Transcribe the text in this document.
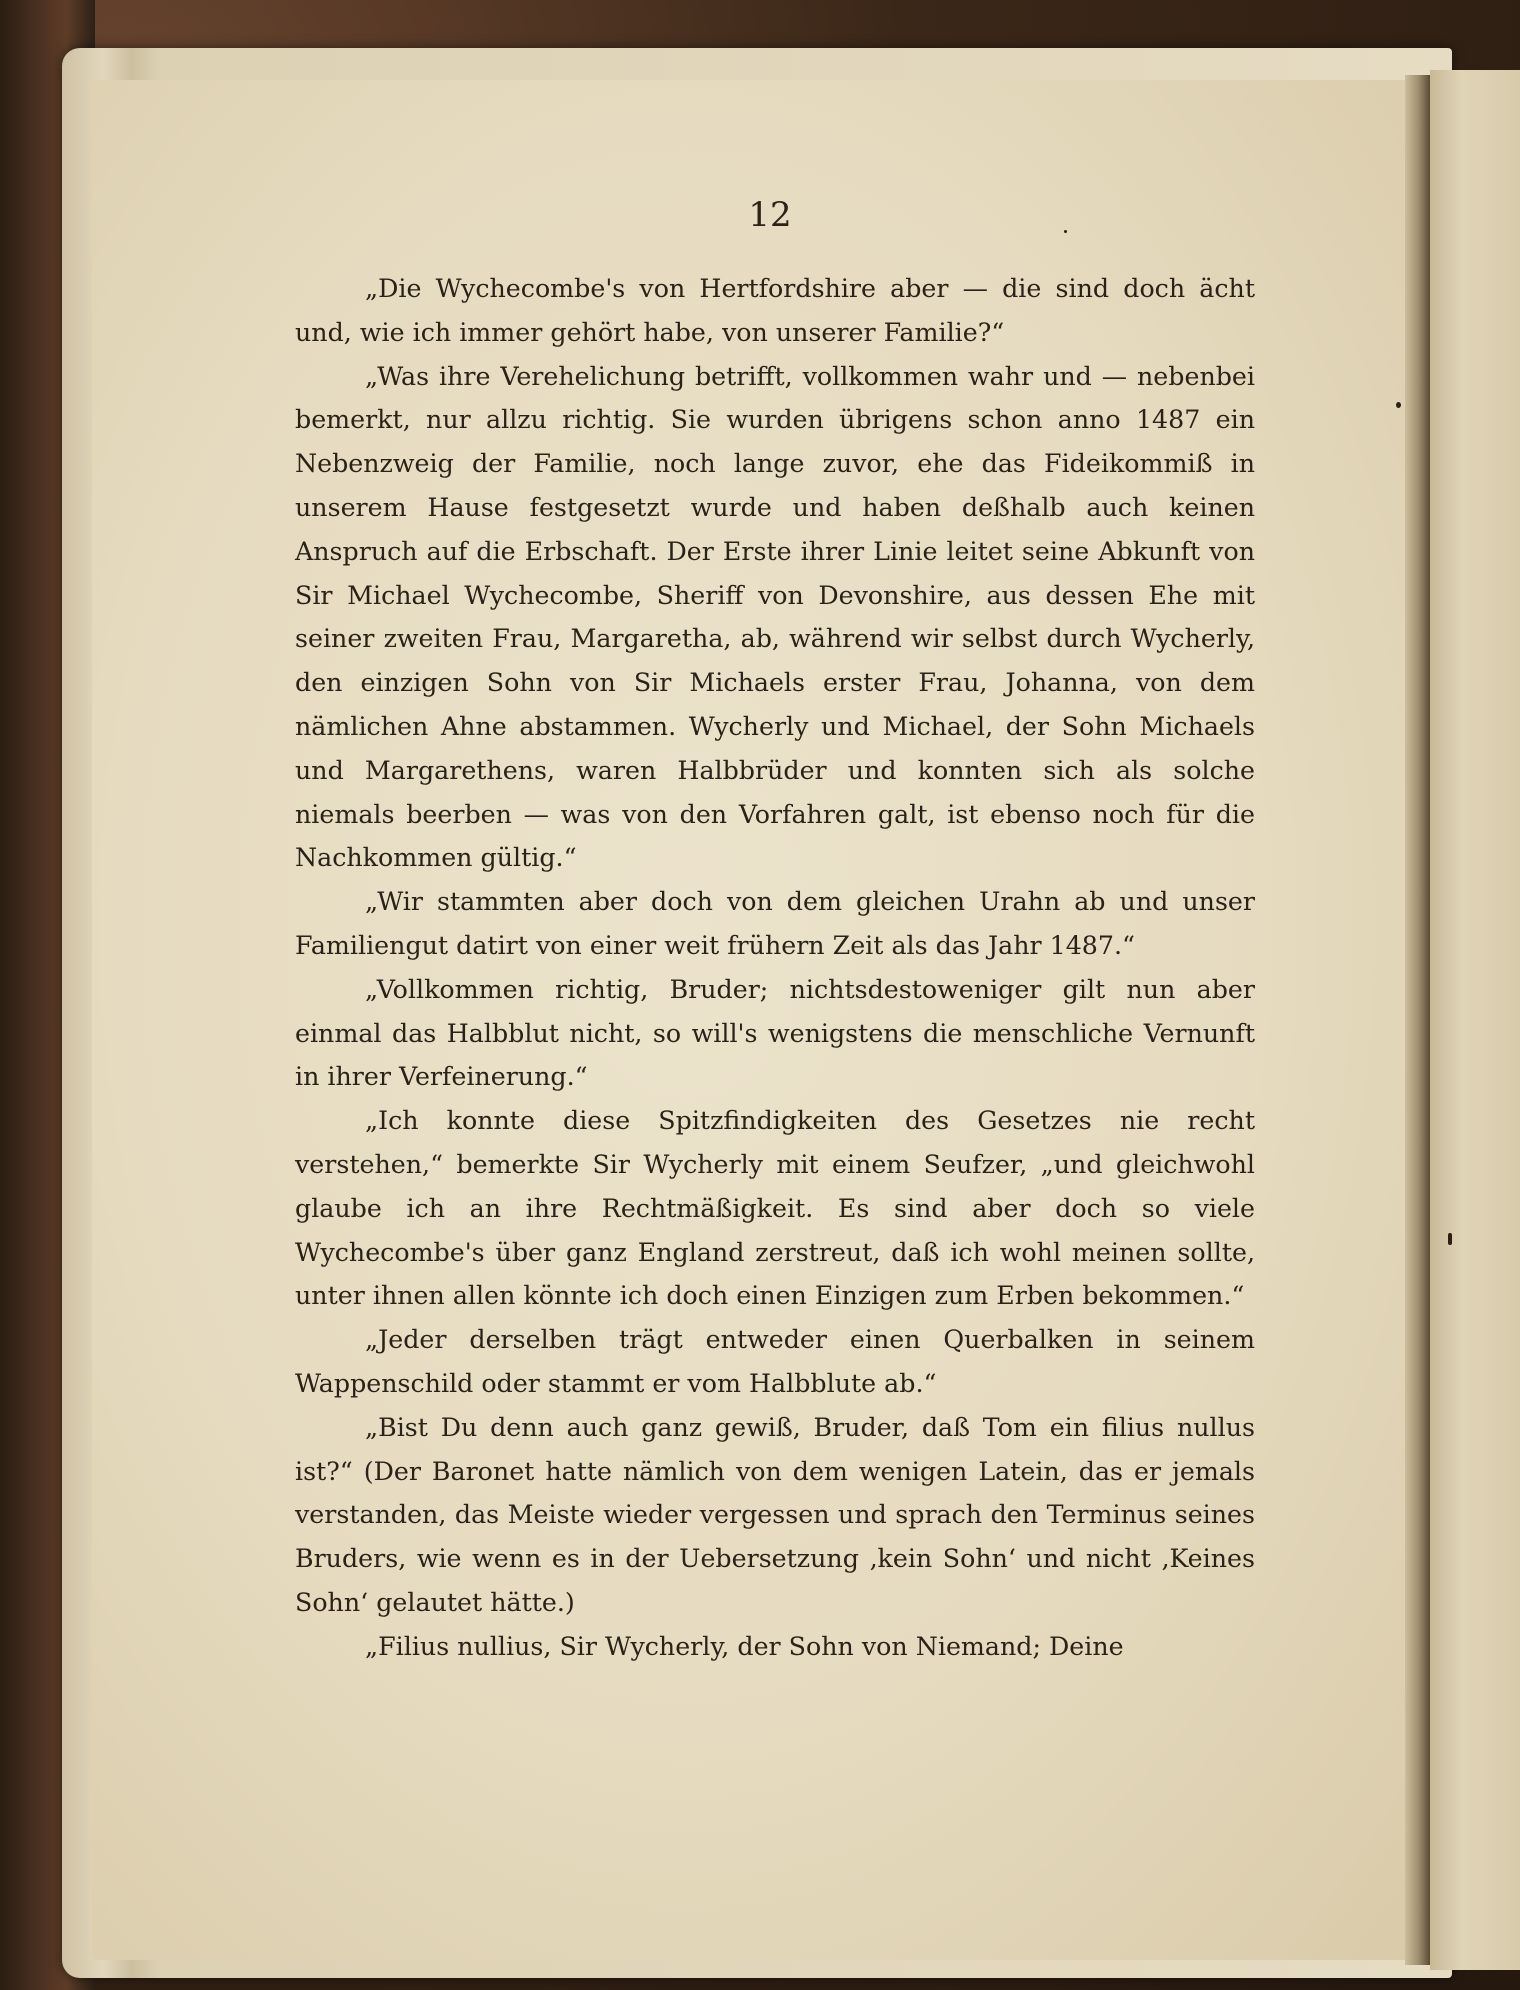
12

„Die Wychecombe's von Hertfordshire aber — die sind doch ächt und, wie ich immer gehört habe, von unserer Familie?“

„Was ihre Verehelichung betrifft, vollkommen wahr und — nebenbei bemerkt, nur allzu richtig. Sie wurden übrigens schon anno 1487 ein Nebenzweig der Familie, noch lange zuvor, ehe das Fideikommiß in unserem Hause festgesetzt wurde und haben deßhalb auch keinen Anspruch auf die Erbschaft. Der Erste ihrer Linie leitet seine Abkunft von Sir Michael Wychecombe, Sheriff von Devonshire, aus dessen Ehe mit seiner zweiten Frau, Margaretha, ab, während wir selbst durch Wycherly, den einzigen Sohn von Sir Michaels erster Frau, Johanna, von dem nämlichen Ahne abstammen. Wycherly und Michael, der Sohn Michaels und Margarethens, waren Halbbrüder und konnten sich als solche niemals beerben — was von den Vorfahren galt, ist ebenso noch für die Nachkommen gültig.“

„Wir stammten aber doch von dem gleichen Urahn ab und unser Familiengut datirt von einer weit frühern Zeit als das Jahr 1487.“

„Vollkommen richtig, Bruder; nichtsdestoweniger gilt nun aber einmal das Halbblut nicht, so will's wenigstens die menschliche Vernunft in ihrer Verfeinerung.“

„Ich konnte diese Spitzfindigkeiten des Gesetzes nie recht verstehen,“ bemerkte Sir Wycherly mit einem Seufzer, „und gleichwohl glaube ich an ihre Rechtmäßigkeit. Es sind aber doch so viele Wychecombe's über ganz England zerstreut, daß ich wohl meinen sollte, unter ihnen allen könnte ich doch einen Einzigen zum Erben bekommen.“

„Jeder derselben trägt entweder einen Querbalken in seinem Wappenschild oder stammt er vom Halbblute ab.“

„Bist Du denn auch ganz gewiß, Bruder, daß Tom ein filius nullus ist?“ (Der Baronet hatte nämlich von dem wenigen Latein, das er jemals verstanden, das Meiste wieder vergessen und sprach den Terminus seines Bruders, wie wenn es in der Uebersetzung ‚kein Sohn‘ und nicht ‚Keines Sohn‘ gelautet hätte.)

„Filius nullius, Sir Wycherly, der Sohn von Niemand; Deine
